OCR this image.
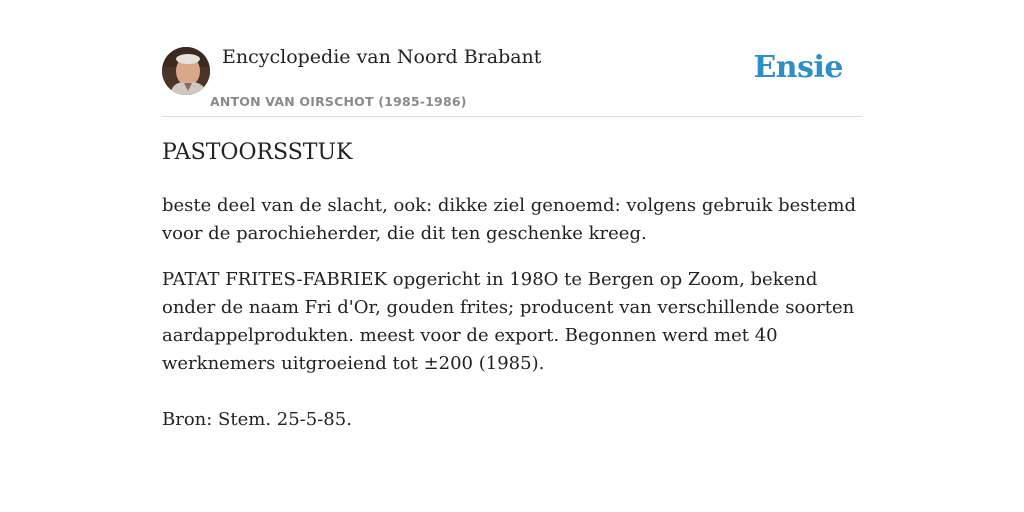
Encyclopedie van Noord Brabant
ANTON VAN OIRSCHOT (1985-1986)
Ensie
PASTOORSSTUK

beste deel van de slacht, ook: dikke ziel genoemd: volgens gebruik bestemd voor de parochieherder, die dit ten geschenke kreeg.

PATAT FRITES-FABRIEK opgericht in 198O te Bergen op Zoom, bekend onder de naam Fri d'Or, gouden frites; producent van verschillende soorten aardappelprodukten. meest voor de export. Begonnen werd met 40 werknemers uitgroeiend tot ±200 (1985).

Bron: Stem. 25-5-85.
